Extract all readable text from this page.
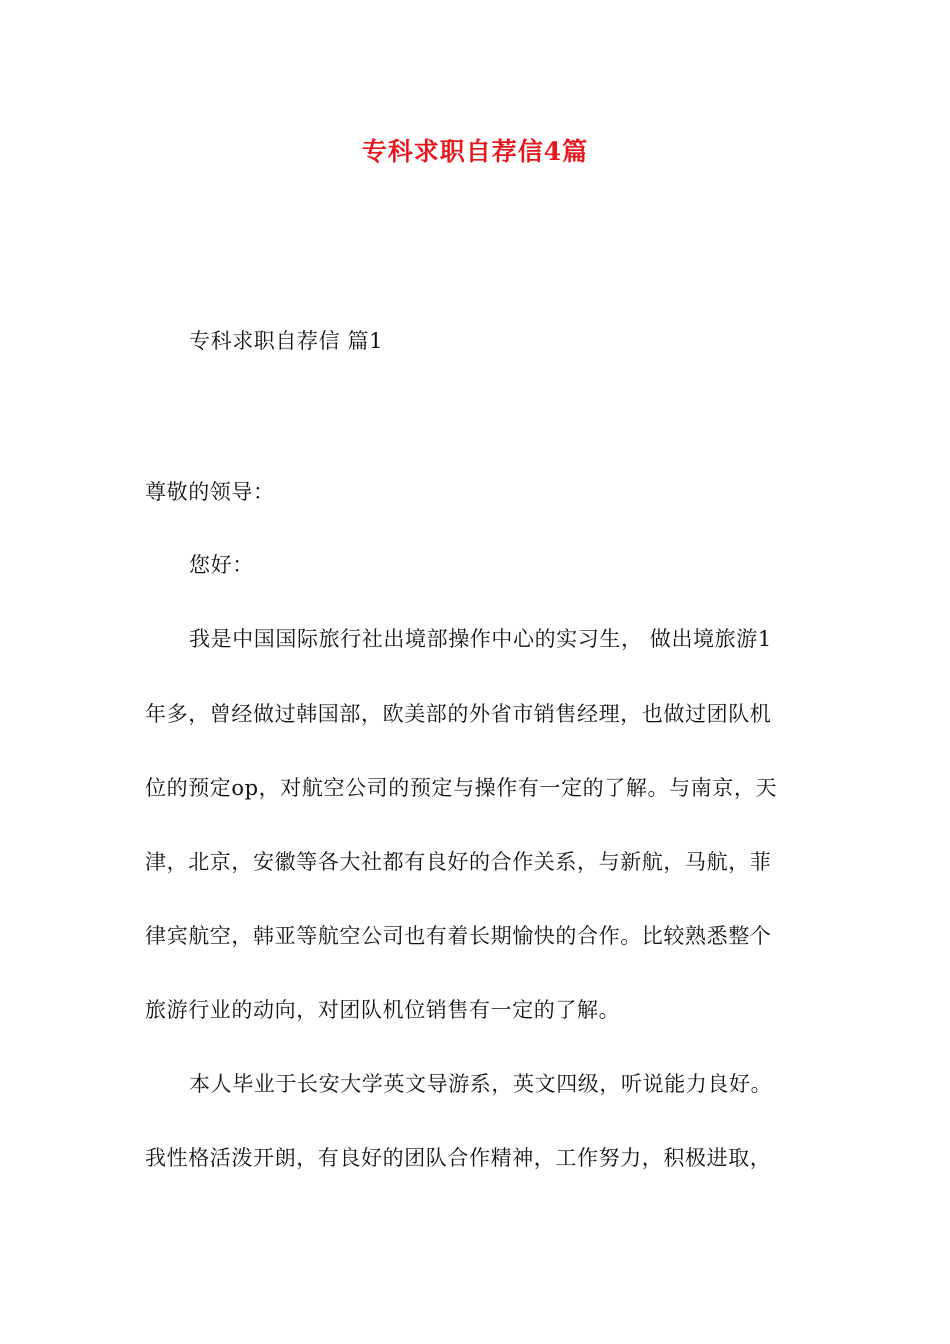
专科求职自荐信4篇
专科求职自荐信 篇1
尊敬的领导：
您好：
我是中国国际旅行社出境部操作中心的实习生， 做出境旅游1
年多，曾经做过韩国部，欧美部的外省市销售经理，也做过团队机
位的预定op，对航空公司的预定与操作有一定的了解。与南京，天
津，北京，安徽等各大社都有良好的合作关系，与新航，马航，菲
律宾航空，韩亚等航空公司也有着长期愉快的合作。比较熟悉整个
旅游行业的动向，对团队机位销售有一定的了解。
本人毕业于长安大学英文导游系，英文四级，听说能力良好。
我性格活泼开朗，有良好的团队合作精神，工作努力，积极进取，
